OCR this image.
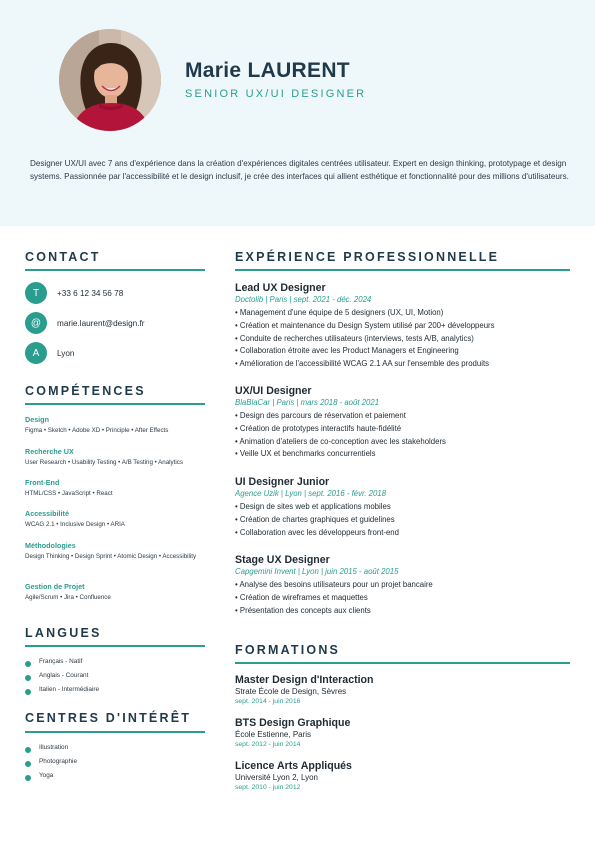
Marie LAURENT
SENIOR UX/UI DESIGNER
Designer UX/UI avec 7 ans d'expérience dans la création d'expériences digitales centrées utilisateur. Expert en design thinking, prototypage et design systems. Passionnée par l'accessibilité et le design inclusif, je crée des interfaces qui allient esthétique et fonctionnalité pour des millions d'utilisateurs.
CONTACT
T	+33 6 12 34 56 78
@	marie.laurent@design.fr
A	Lyon
COMPÉTENCES
Design
Figma • Sketch • Adobe XD • Principle • After Effects
Recherche UX
User Research • Usability Testing • A/B Testing • Analytics
Front-End
HTML/CSS • JavaScript • React
Accessibilité
WCAG 2.1 • Inclusive Design • ARIA
Méthodologies
Design Thinking • Design Sprint • Atomic Design • Accessibility
Gestion de Projet
Agile/Scrum • Jira • Confluence
LANGUES
Français - Natif
Anglais - Courant
Italien - Intermédiaire
CENTRES D'INTÉRÊT
Illustration
Photographie
Yoga
EXPÉRIENCE PROFESSIONNELLE
Lead UX Designer
Doctolib | Paris | sept. 2021 - déc. 2024
• Management d'une équipe de 5 designers (UX, UI, Motion)
• Création et maintenance du Design System utilisé par 200+ développeurs
• Conduite de recherches utilisateurs (interviews, tests A/B, analytics)
• Collaboration étroite avec les Product Managers et Engineering
• Amélioration de l'accessibilité WCAG 2.1 AA sur l'ensemble des produits
UX/UI Designer
BlaBlaCar | Paris | mars 2018 - août 2021
• Design des parcours de réservation et paiement
• Création de prototypes interactifs haute-fidélité
• Animation d'ateliers de co-conception avec les stakeholders
• Veille UX et benchmarks concurrentiels
UI Designer Junior
Agence Uzik | Lyon | sept. 2016 - févr. 2018
• Design de sites web et applications mobiles
• Création de chartes graphiques et guidelines
• Collaboration avec les développeurs front-end
Stage UX Designer
Capgemini Invent | Lyon | juin 2015 - août 2015
• Analyse des besoins utilisateurs pour un projet bancaire
• Création de wireframes et maquettes
• Présentation des concepts aux clients
FORMATIONS
Master Design d'Interaction
Strate École de Design, Sèvres
sept. 2014 - juin 2016
BTS Design Graphique
École Estienne, Paris
sept. 2012 - juin 2014
Licence Arts Appliqués
Université Lyon 2, Lyon
sept. 2010 - juin 2012
